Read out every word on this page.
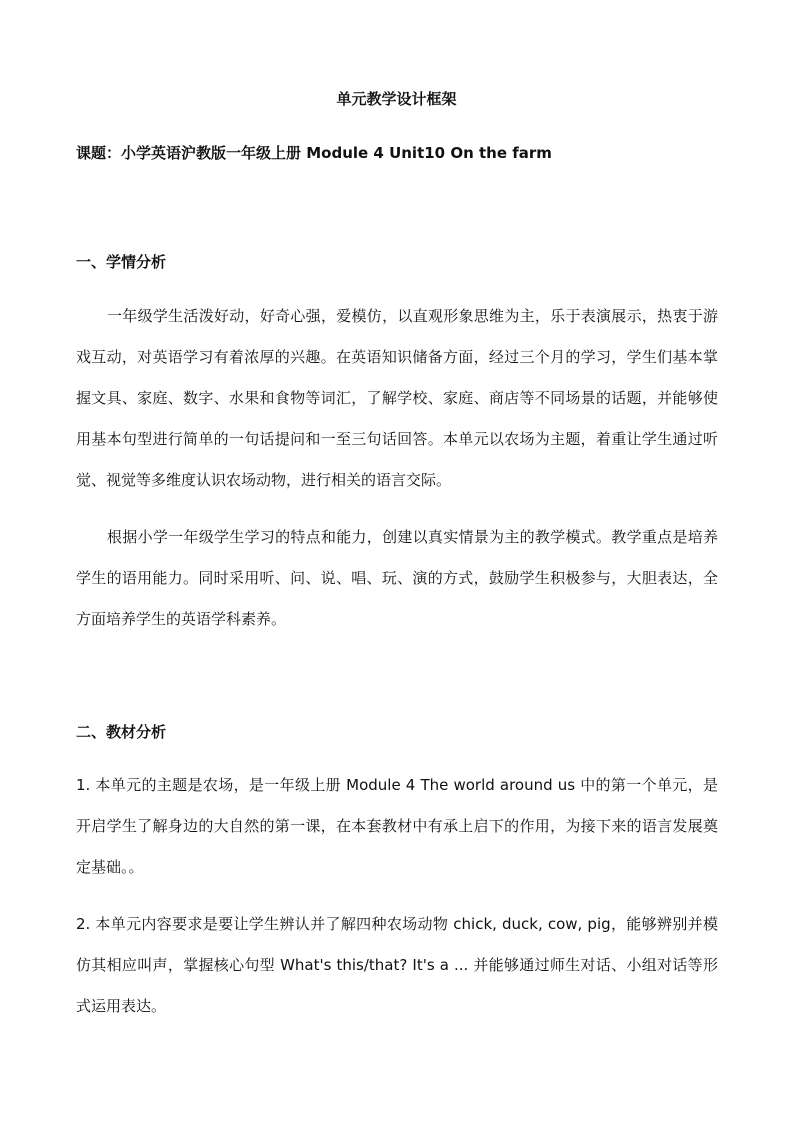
单元教学设计框架

课题：小学英语沪教版一年级上册 Module 4 Unit10 On the farm

一、学情分析

一年级学生活泼好动，好奇心强，爱模仿，以直观形象思维为主，乐于表演展示，热衷于游戏互动，对英语学习有着浓厚的兴趣。在英语知识储备方面，经过三个月的学习，学生们基本掌握文具、家庭、数字、水果和食物等词汇，了解学校、家庭、商店等不同场景的话题，并能够使用基本句型进行简单的一句话提问和一至三句话回答。本单元以农场为主题，着重让学生通过听觉、视觉等多维度认识农场动物，进行相关的语言交际。

根据小学一年级学生学习的特点和能力，创建以真实情景为主的教学模式。教学重点是培养学生的语用能力。同时采用听、问、说、唱、玩、演的方式，鼓励学生积极参与，大胆表达，全方面培养学生的英语学科素养。

二、教材分析

1. 本单元的主题是农场，是一年级上册 Module 4 The world around us 中的第一个单元，是开启学生了解身边的大自然的第一课，在本套教材中有承上启下的作用，为接下来的语言发展奠定基础。。

2. 本单元内容要求是要让学生辨认并了解四种农场动物 chick, duck, cow, pig，能够辨别并模仿其相应叫声，掌握核心句型 What's this/that? It's a ... 并能够通过师生对话、小组对话等形式运用表达。
